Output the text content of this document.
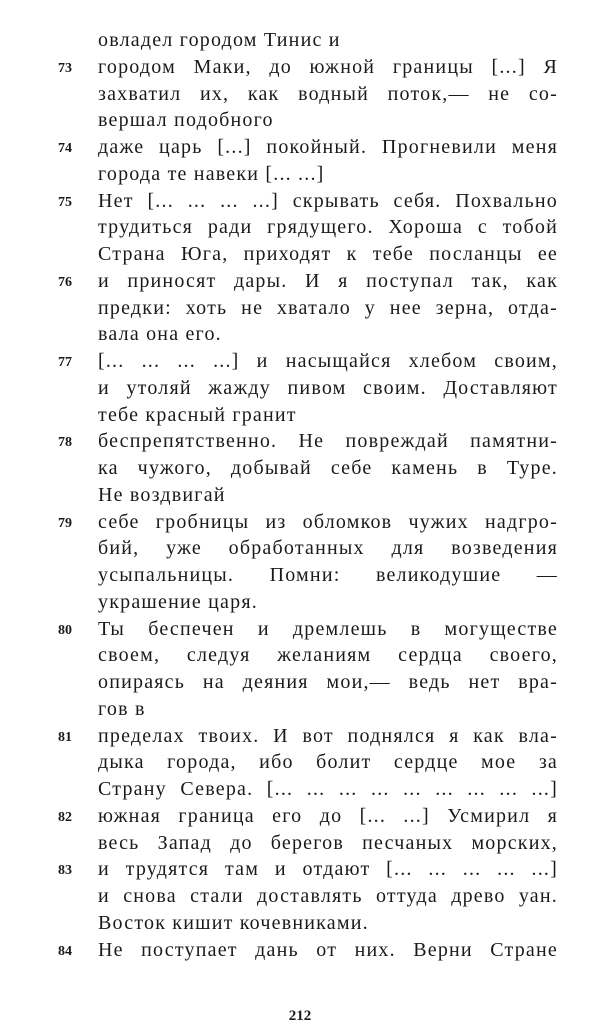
212
овладел городом Тинис и
73	городом Маки, до южной границы [...] Я
захватил их, как водный поток,— не со-
вершал подобного
74	даже царь [...] покойный. Прогневили меня
города те навеки [... ...]
75	Нет [... ... ... ...] скрывать себя. Похвально
трудиться ради грядущего. Хороша с тобой
Страна Юга, приходят к тебе посланцы ее
76	и приносят дары. И я поступал так, как
предки: хоть не хватало у нее зерна, отда-
вала она его.
77	[... ... ... ...] и насыщайся хлебом своим,
и утоляй жажду пивом своим. Доставляют
тебе красный гранит
78	беспрепятственно. Не повреждай памятни-
ка чужого, добывай себе камень в Туре.
Не воздвигай
79	себе гробницы из обломков чужих надгро-
бий, уже обработанных для возведения
усыпальницы. Помни: великодушие —
украшение царя.
80	Ты беспечен и дремлешь в могуществе
своем, следуя желаниям сердца своего,
опираясь на деяния мои,— ведь нет вра-
гов в
81	пределах твоих. И вот поднялся я как вла-
дыка города, ибо болит сердце мое за
Страну Севера. [... ... ... ... ... ... ... ... ...]
82	южная граница его до [... ...] Усмирил я
весь Запад до берегов песчаных морских,
83	и трудятся там и отдают [... ... ... ... ...]
и снова стали доставлять оттуда древо уан.
Восток кишит кочевниками.
84	Не поступает дань от них. Верни Стране
